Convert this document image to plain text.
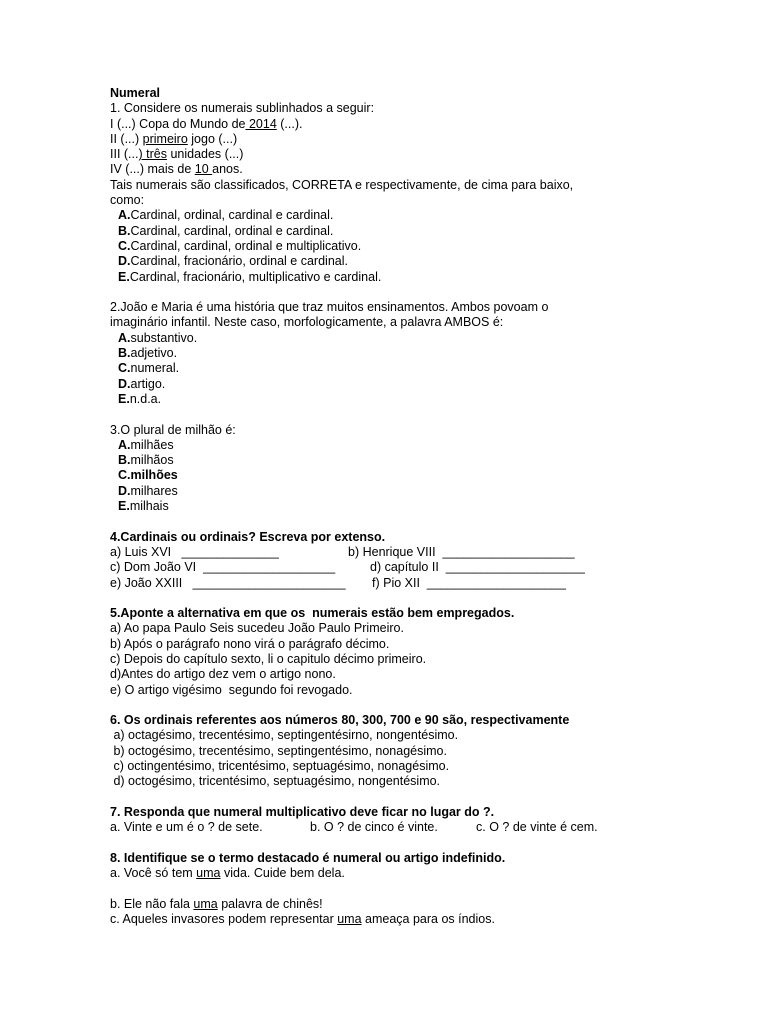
Numeral
1. Considere os numerais sublinhados a seguir:
I (...) Copa do Mundo de 2014 (...).
II (...) primeiro jogo (...)
III (...) três unidades (...)
IV (...) mais de 10 anos.
Tais numerais são classificados, CORRETA e respectivamente, de cima para baixo,
como:
A.Cardinal, ordinal, cardinal e cardinal.
B.Cardinal, cardinal, ordinal e cardinal.
C.Cardinal, cardinal, ordinal e multiplicativo.
D.Cardinal, fracionário, ordinal e cardinal.
E.Cardinal, fracionário, multiplicativo e cardinal.
2.João e Maria é uma história que traz muitos ensinamentos. Ambos povoam o
imaginário infantil. Neste caso, morfologicamente, a palavra AMBOS é:
A.substantivo.
B.adjetivo.
C.numeral.
D.artigo.
E.n.d.a.
3.O plural de milhão é:
A.milhães
B.milhãos
C.milhões
D.milhares
E.milhais
4.Cardinais ou ordinais? Escreva por extenso.
a) Luis XVI   ______________	b) Henrique VIII  ___________________
c) Dom João VI  ___________________	d) capítulo II  ____________________
e) João XXIII   ______________________ f) Pio XII  ____________________
5.Aponte a alternativa em que os  numerais estão bem empregados.
a) Ao papa Paulo Seis sucedeu João Paulo Primeiro.
b) Após o parágrafo nono virá o parágrafo décimo.
c) Depois do capítulo sexto, li o capitulo décimo primeiro.
d)Antes do artigo dez vem o artigo nono.
e) O artigo vigésimo  segundo foi revogado.
6. Os ordinais referentes aos números 80, 300, 700 e 90 são, respectivamente
a) octagésimo, trecentésimo, septingentésirno, nongentésimo.
b) octogésimo, trecentésimo, septingentésimo, nonagésimo.
c) octingentésimo, tricentésimo, septuagésimo, nonagésimo.
d) octogésimo, tricentésimo, septuagésimo, nongentésimo.
7. Responda que numeral multiplicativo deve ficar no lugar do ?.
a. Vinte e um é o ? de sete.	b. O ? de cinco é vinte.	c. O ? de vinte é cem.
8. Identifique se o termo destacado é numeral ou artigo indefinido.
a. Você só tem uma vida. Cuide bem dela.
b. Ele não fala uma palavra de chinês!
c. Aqueles invasores podem representar uma ameaça para os índios.
